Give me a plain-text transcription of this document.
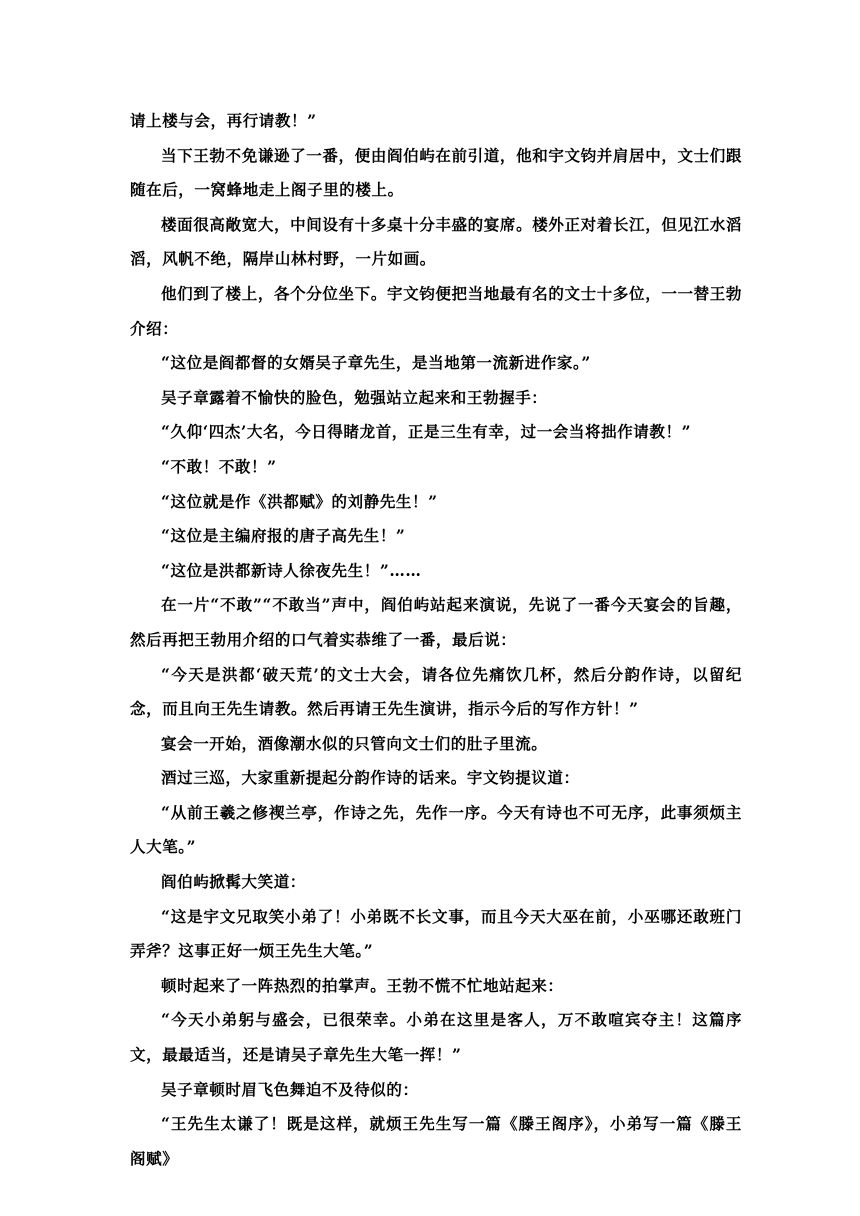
请上楼与会，再行请教！”

当下王勃不免谦逊了一番，便由阎伯屿在前引道，他和宇文钧并肩居中，文士们跟随在后，一窝蜂地走上阁子里的楼上。

楼面很高敞宽大，中间设有十多桌十分丰盛的宴席。楼外正对着长江，但见江水滔滔，风帆不绝，隔岸山林村野，一片如画。

他们到了楼上，各个分位坐下。宇文钧便把当地最有名的文士十多位，一一替王勃介绍：

“这位是阎都督的女婿吴子章先生，是当地第一流新进作家。”

吴子章露着不愉快的脸色，勉强站立起来和王勃握手：

“久仰‘四杰’大名，今日得睹龙首，正是三生有幸，过一会当将拙作请教！”

“不敢！不敢！”

“这位就是作《洪都赋》的刘静先生！”

“这位是主编府报的唐子高先生！”

“这位是洪都新诗人徐夜先生！”……

在一片“不敢”“不敢当”声中，阎伯屿站起来演说，先说了一番今天宴会的旨趣，然后再把王勃用介绍的口气着实恭维了一番，最后说：

“今天是洪都‘破天荒’的文士大会，请各位先痛饮几杯，然后分韵作诗，以留纪念，而且向王先生请教。然后再请王先生演讲，指示今后的写作方针！”

宴会一开始，酒像潮水似的只管向文士们的肚子里流。

酒过三巡，大家重新提起分韵作诗的话来。宇文钧提议道：

“从前王羲之修禊兰亭，作诗之先，先作一序。今天有诗也不可无序，此事须烦主人大笔。”

阎伯屿掀髯大笑道：

“这是宇文兄取笑小弟了！小弟既不长文事，而且今天大巫在前，小巫哪还敢班门弄斧？这事正好一烦王先生大笔。”

顿时起来了一阵热烈的拍掌声。王勃不慌不忙地站起来：

“今天小弟躬与盛会，已很荣幸。小弟在这里是客人，万不敢喧宾夺主！这篇序文，最最适当，还是请吴子章先生大笔一挥！”

吴子章顿时眉飞色舞迫不及待似的：

“王先生太谦了！既是这样，就烦王先生写一篇《滕王阁序》，小弟写一篇《滕王阁赋》
